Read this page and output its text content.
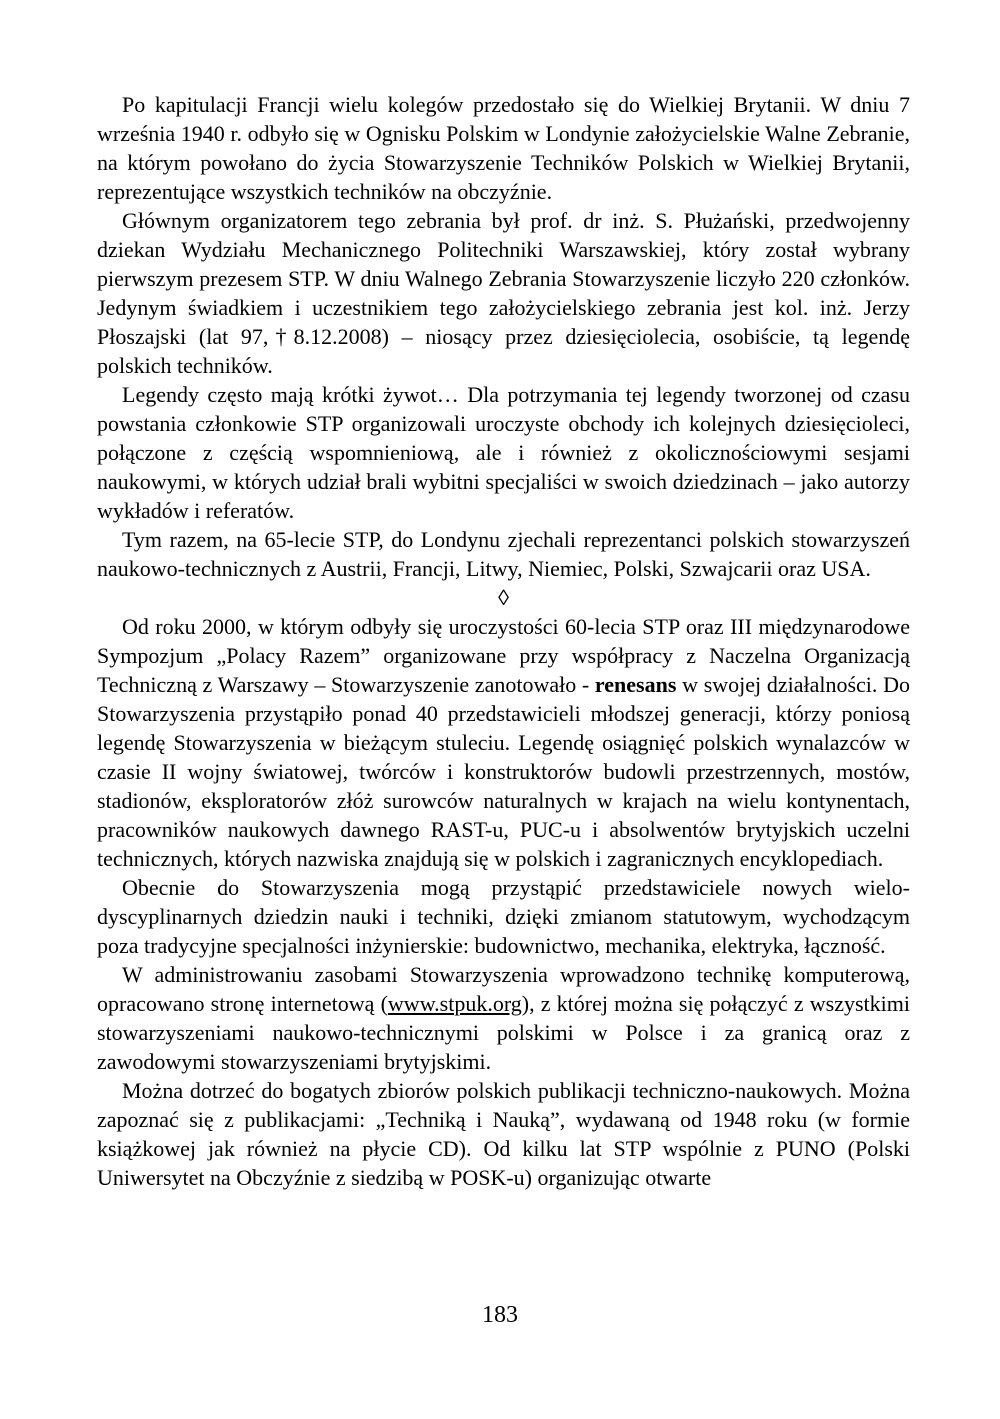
Po kapitulacji Francji wielu kolegów przedostało się do Wielkiej Brytanii. W dniu 7 września 1940 r. odbyło się w Ognisku Polskim w Londynie założycielskie Walne Zebranie, na którym powołano do życia Stowarzyszenie Techników Polskich w Wielkiej Brytanii, reprezentujące wszystkich techników na obczyźnie.

Głównym organizatorem tego zebrania był prof. dr inż. S. Płużański, przedwojenny dziekan Wydziału Mechanicznego Politechniki Warszawskiej, który został wybrany pierwszym prezesem STP. W dniu Walnego Zebrania Stowarzyszenie liczyło 220 członków. Jedynym świadkiem i uczestnikiem tego założycielskiego zebrania jest kol. inż. Jerzy Płoszajski (lat 97,†8.12.2008) – niosący przez dziesięciolecia, osobiście, tą legendę polskich techników.

Legendy często mają krótki żywot… Dla potrzymania tej legendy tworzonej od czasu powstania członkowie STP organizowali uroczyste obchody ich kolejnych dziesięcioleci, połączone z częścią wspomnieniową, ale i również z okolicznościowymi sesjami naukowymi, w których udział brali wybitni specjaliści w swoich dziedzinach – jako autorzy wykładów i referatów.

Tym razem, na 65-lecie STP, do Londynu zjechali reprezentanci polskich stowarzyszeń naukowo-technicznych z Austrii, Francji, Litwy, Niemiec, Polski, Szwajcarii oraz USA.

◊

Od roku 2000, w którym odbyły się uroczystości 60-lecia STP oraz III międzynarodowe Sympozjum „Polacy Razem” organizowane przy współpracy z Naczelna Organizacją Techniczną z Warszawy – Stowarzyszenie zanotowało - renesans w swojej działalności. Do Stowarzyszenia przystąpiło ponad 40 przedstawicieli młodszej generacji, którzy poniosą legendę Stowarzyszenia w bieżącym stuleciu. Legendę osiągnięć polskich wynalazców w czasie II wojny światowej, twórców i konstruktorów budowli przestrzennych, mostów, stadionów, eksploratorów złóż surowców naturalnych w krajach na wielu kontynentach, pracowników naukowych dawnego RAST-u, PUC-u i absolwentów brytyjskich uczelni technicznych, których nazwiska znajdują się w polskich i zagranicznych encyklopediach.

Obecnie do Stowarzyszenia mogą przystąpić przedstawiciele nowych wielo-dyscyplinarnych dziedzin nauki i techniki, dzięki zmianom statutowym, wychodzącym poza tradycyjne specjalności inżynierskie: budownictwo, mechanika, elektryka, łączność.

W administrowaniu zasobami Stowarzyszenia wprowadzono technikę komputerową, opracowano stronę internetową (www.stpuk.org), z której można się połączyć z wszystkimi stowarzyszeniami naukowo-technicznymi polskimi w Polsce i za granicą oraz z zawodowymi stowarzyszeniami brytyjskimi.

Można dotrzeć do bogatych zbiorów polskich publikacji techniczno-naukowych. Można zapoznać się z publikacjami: „Techniką i Nauką”, wydawaną od 1948 roku (w formie książkowej jak również na płycie CD). Od kilku lat STP wspólnie z PUNO (Polski Uniwersytet na Obczyźnie z siedzibą w POSK-u) organizując otwarte

183
